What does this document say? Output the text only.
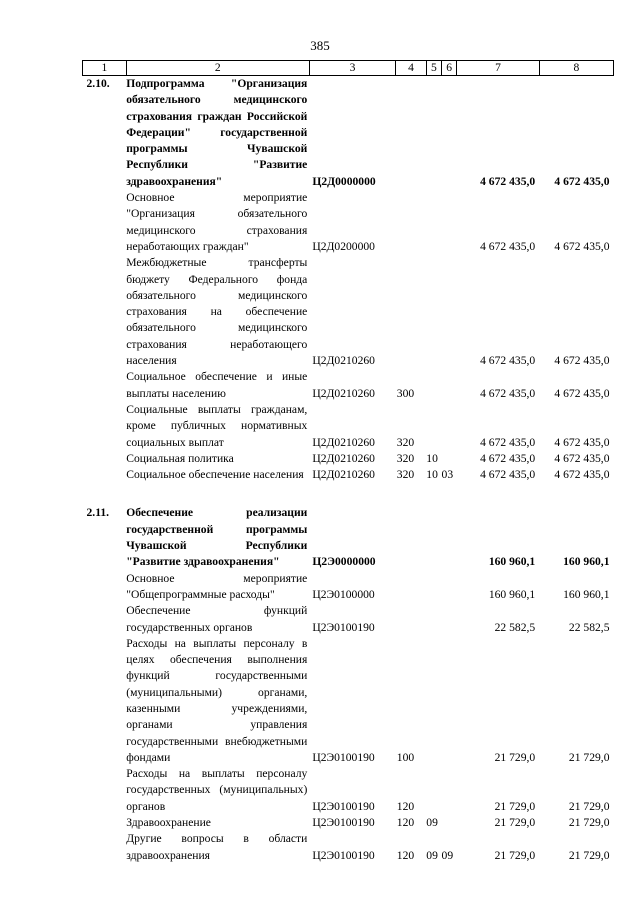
385
1	2	3	4	5	6	7	8
2.10.	Подпрограмма "Организация обязательного медицинского страхования граждан Российской Федерации" государственной программы Чувашской Республики "Развитие здравоохранения"	Ц2Д0000000				4 672 435,0	4 672 435,0
	Основное мероприятие "Организация обязательного медицинского страхования неработающих граждан"	Ц2Д0200000				4 672 435,0	4 672 435,0
	Межбюджетные трансферты бюджету Федерального фонда обязательного медицинского страхования на обеспечение обязательного медицинского страхования неработающего населения	Ц2Д0210260				4 672 435,0	4 672 435,0
	Социальное обеспечение и иные выплаты населению	Ц2Д0210260	300			4 672 435,0	4 672 435,0
	Социальные выплаты гражданам, кроме публичных нормативных социальных выплат	Ц2Д0210260	320			4 672 435,0	4 672 435,0
	Социальная политика	Ц2Д0210260	320	10		4 672 435,0	4 672 435,0
	Социальное обеспечение населения	Ц2Д0210260	320	10	03	4 672 435,0	4 672 435,0

2.11.	Обеспечение реализации государственной программы Чувашской Республики "Развитие здравоохранения"	Ц2Э0000000				160 960,1	160 960,1
	Основное мероприятие "Общепрограммные расходы"	Ц2Э0100000				160 960,1	160 960,1
	Обеспечение функций государственных органов	Ц2Э0100190				22 582,5	22 582,5
	Расходы на выплаты персоналу в целях обеспечения выполнения функций государственными (муниципальными) органами, казенными учреждениями, органами управления государственными внебюджетными фондами	Ц2Э0100190	100			21 729,0	21 729,0
	Расходы на выплаты персоналу государственных (муниципальных) органов	Ц2Э0100190	120			21 729,0	21 729,0
	Здравоохранение	Ц2Э0100190	120	09		21 729,0	21 729,0
	Другие вопросы в области здравоохранения	Ц2Э0100190	120	09	09	21 729,0	21 729,0
